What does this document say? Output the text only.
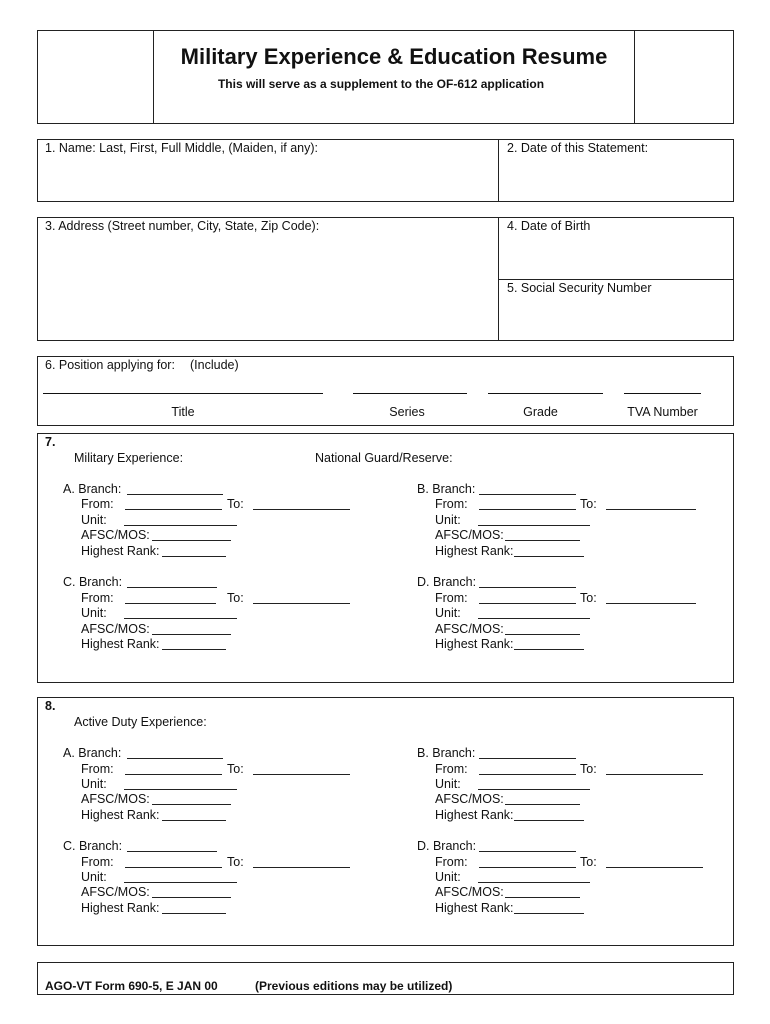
Military Experience & Education Resume
This will serve as a supplement to the OF-612 application
1. Name: Last, First, Full Middle, (Maiden, if any):	2. Date of this Statement:
3. Address (Street number, City, State, Zip Code):	4. Date of Birth
5. Social Security Number
6. Position applying for: (Include)
Title	Series	Grade	TVA Number
7.
Military Experience:	National Guard/Reserve:
A. Branch:
From:	To:
Unit:
AFSC/MOS:
Highest Rank:
B. Branch:
From:	To:
Unit:
AFSC/MOS:
Highest Rank:
C. Branch:
From:	To:
Unit:
AFSC/MOS:
Highest Rank:
D. Branch:
From:	To:
Unit:
AFSC/MOS:
Highest Rank:
8.
Active Duty Experience:
A. Branch:
From:	To:
Unit:
AFSC/MOS:
Highest Rank:
B. Branch:
From:	To:
Unit:
AFSC/MOS:
Highest Rank:
C. Branch:
From:	To:
Unit:
AFSC/MOS:
Highest Rank:
D. Branch:
From:	To:
Unit:
AFSC/MOS:
Highest Rank:
AGO-VT Form 690-5, E JAN 00	(Previous editions may be utilized)
